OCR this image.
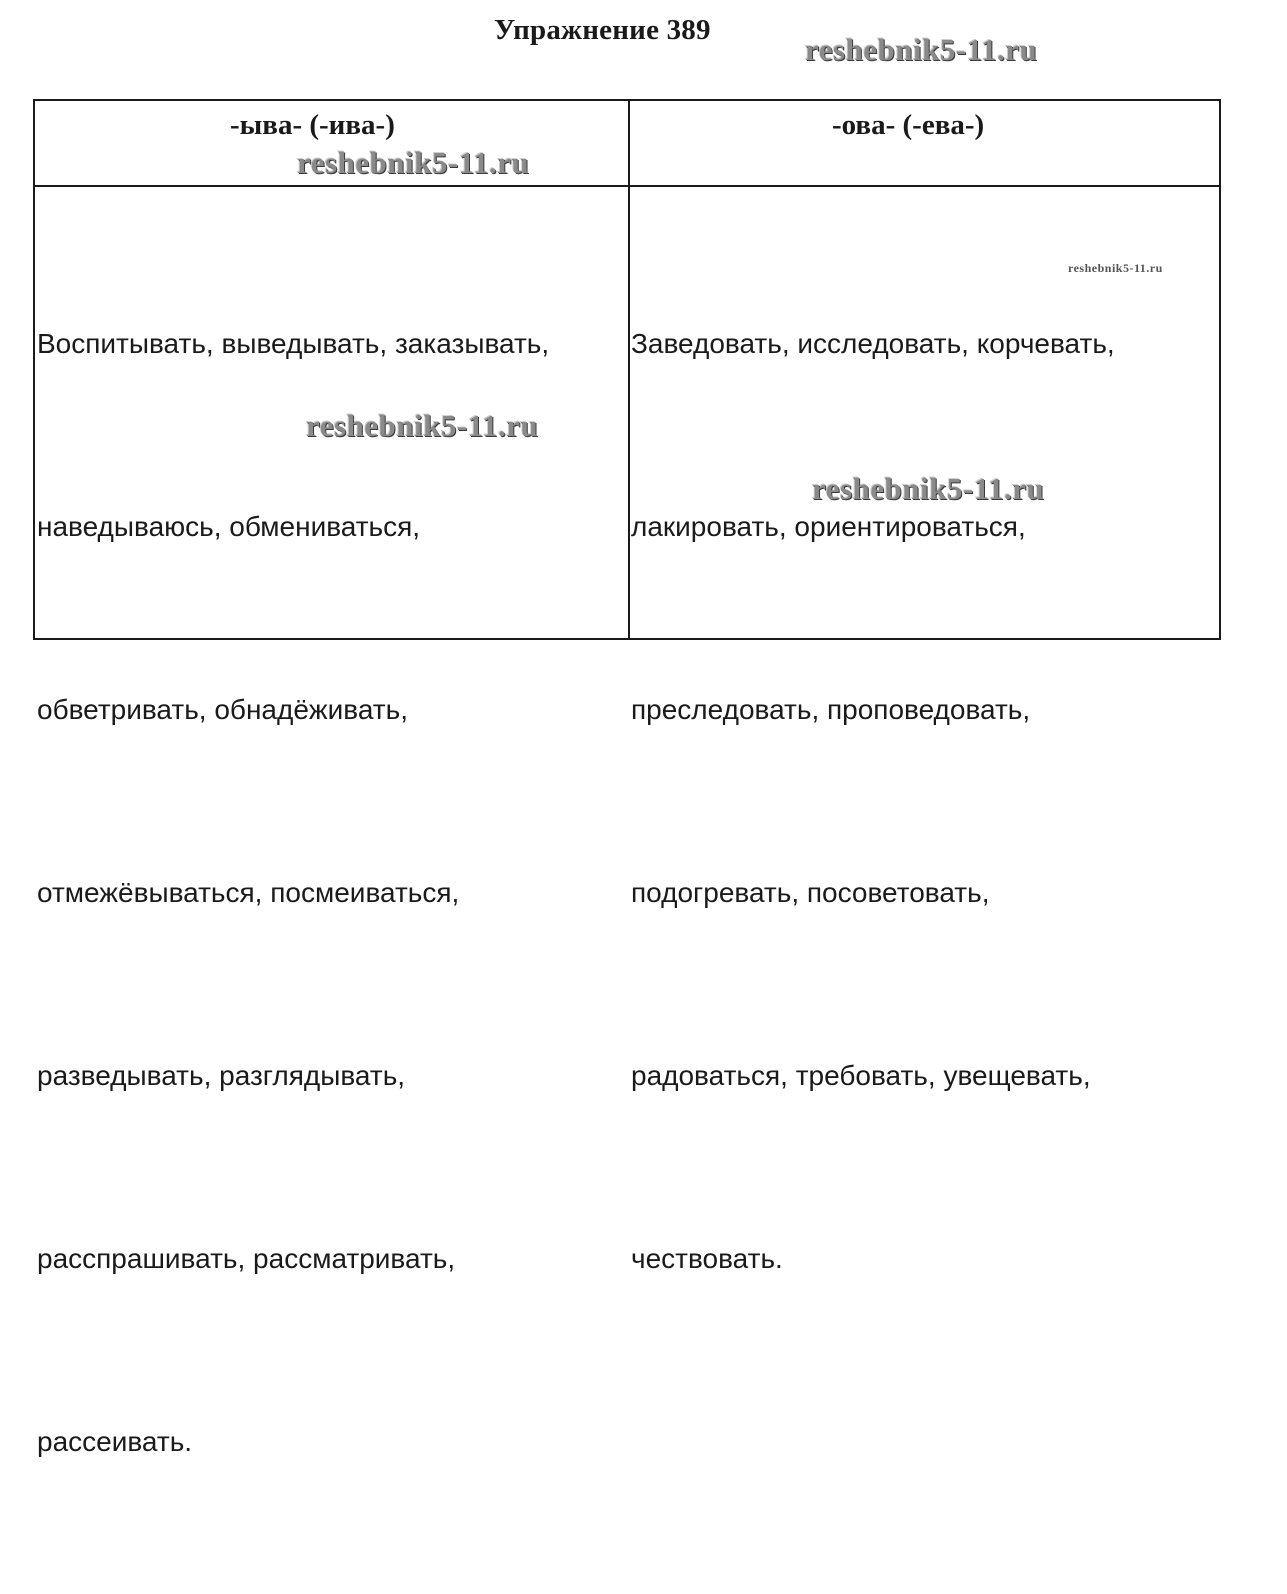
Упражнение 389
-ыва- (-ива-)	-ова- (-ева-)

Воспитывать, выведывать, заказывать,

наведываюсь, обмениваться,

обветривать, обнадёживать,

отмежёвываться, посмеиваться,

разведывать, разглядывать,

расспрашивать, рассматривать,

рассеивать.

Заведовать, исследовать, корчевать,

лакировать, ориентироваться,

преследовать, проповедовать,

подогревать, посоветовать,

радоваться, требовать, увещевать,

чествовать.

reshebnik5-11.ru
reshebnik5-11.ru
reshebnik5-11.ru
reshebnik5-11.ru
reshebnik5-11.ru
